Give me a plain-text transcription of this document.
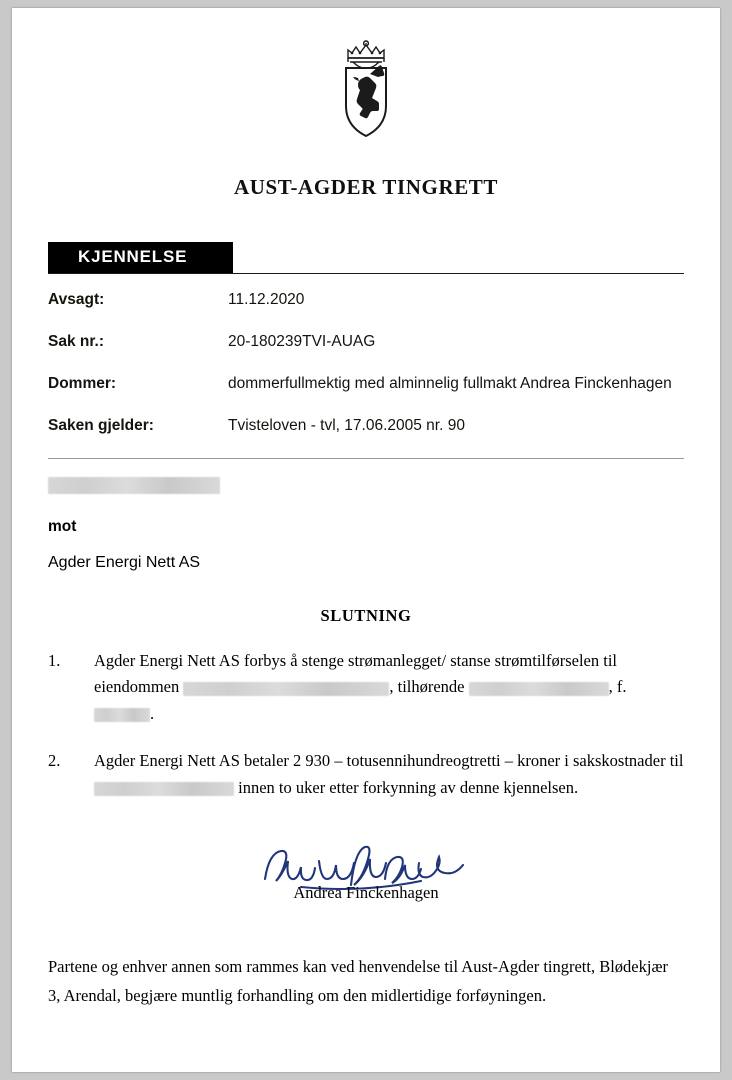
AUST-AGDER TINGRETT
KJENNELSE
Avsagt:	11.12.2020
Sak nr.:	20-180239TVI-AUAG
Dommer:	dommerfullmektig med alminnelig fullmakt Andrea Finckenhagen
Saken gjelder:	Tvisteloven - tvl, 17.06.2005 nr. 90
mot
Agder Energi Nett AS
SLUTNING
1.	Agder Energi Nett AS forbys å stenge strømanlegget/ stanse strømtilførselen til eiendommen	, tilhørende	, f. .
2.	Agder Energi Nett AS betaler 2 930 – totusennihundreogtretti – kroner i sakskostnader til  innen to uker etter forkynning av denne kjennelsen.
Andrea Finckenhagen
Partene og enhver annen som rammes kan ved henvendelse til Aust-Agder tingrett, Blødekjær 3, Arendal, begjære muntlig forhandling om den midlertidige forføyningen.
